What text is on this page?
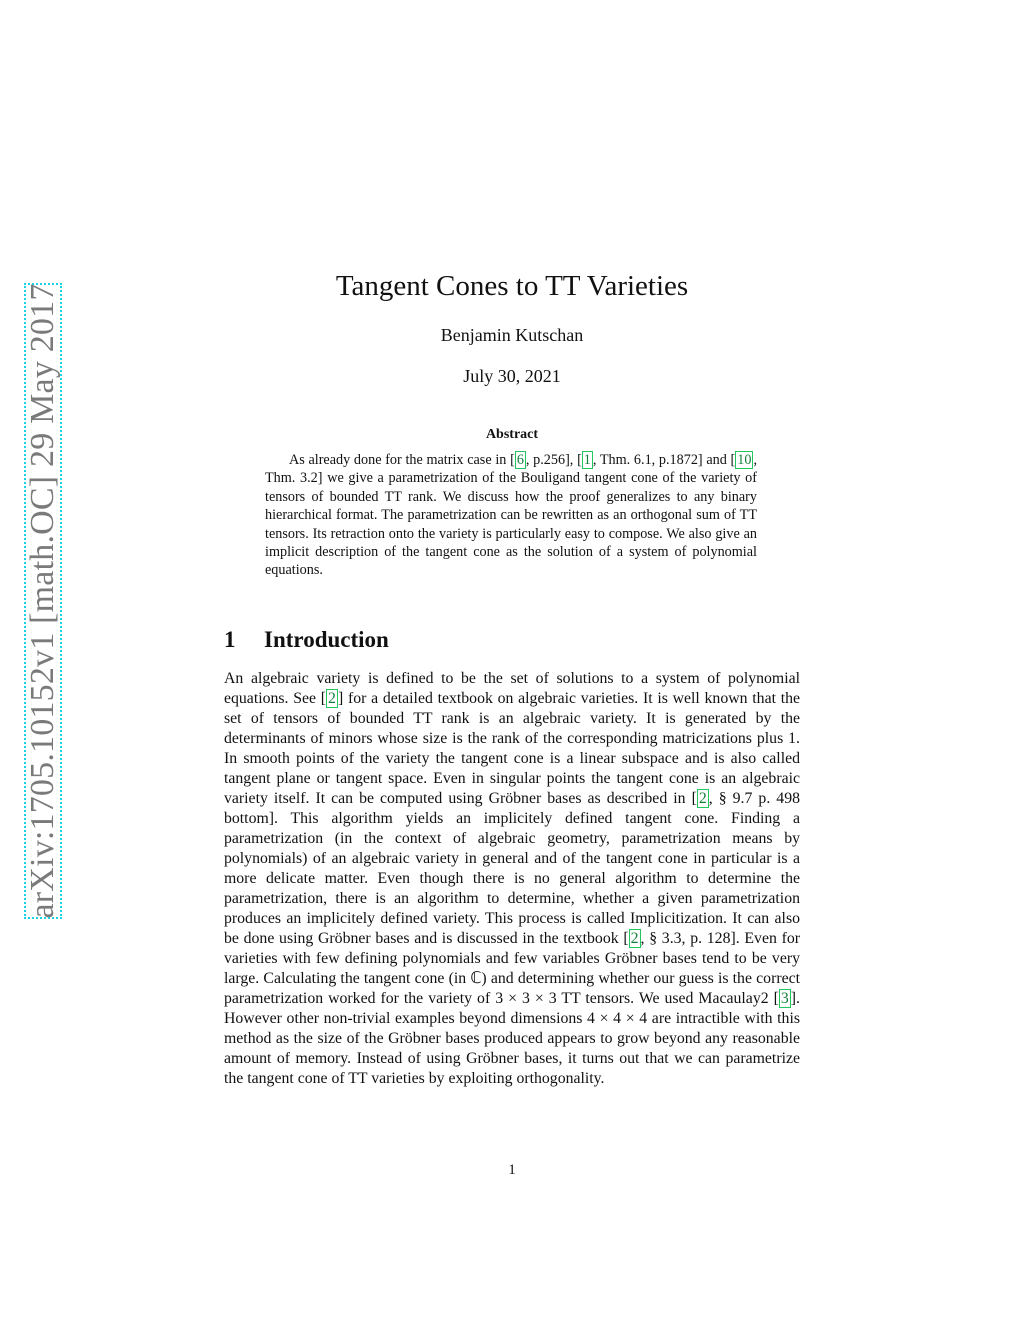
arXiv:1705.10152v1 [math.OC] 29 May 2017	Tangent Cones to TT Varieties
Benjamin Kutschan
July 30, 2021
Abstract

As already done for the matrix case in [ 6 , p.256], [ 1 , Thm. 6.1, p.1872] and [ 10 , Thm. 3.2] we give a parametrization of the Bouligand tangent cone of the variety of tensors of bounded TT rank. We discuss how the proof generalizes to any binary hierarchical format. The parametrization can be rewritten as an orthogonal sum of TT tensors. Its retraction onto the variety is particularly easy to compose. We also give an implicit description of the tangent cone as the solution of a system of polynomial equations.

1 Introduction

An algebraic variety is defined to be the set of solutions to a system of polynomial equations. See [ 2 ] for a detailed textbook on algebraic varieties. It is well known that the set of tensors of bounded TT rank is an algebraic variety. It is generated by the determinants of minors whose size is the rank of the corresponding matricizations plus 1. In smooth points of the variety the tangent cone is a linear subspace and is also called tangent plane or tangent space. Even in singular points the tangent cone is an algebraic variety itself. It can be computed using Gröbner bases as described in [ 2 , § 9.7 p. 498 bottom]. This algorithm yields an implicitely defined tangent cone. Finding a parametrization (in the context of algebraic geometry, parametrization means by polynomials) of an algebraic variety in general and of the tangent cone in particular is a more delicate matter. Even though there is no general algorithm to determine the parametrization, there is an algorithm to determine, whether a given parametrization produces an implicitely defined variety. This process is called Implicitization. It can also be done using Gröbner bases and is discussed in the textbook [ 2 , § 3.3, p. 128]. Even for varieties with few defining polynomials and few variables Gröbner bases tend to be very large. Calculating the tangent cone (in ℂ) and determining whether our guess is the correct parametrization worked for the variety of 3 × 3 × 3 TT tensors. We used Macaulay2 [ 3 ]. However other non-trivial examples beyond dimensions 4 × 4 × 4 are intractible with this method as the size of the Gröbner bases produced appears to grow beyond any reasonable amount of memory. Instead of using Gröbner bases, it turns out that we can parametrize the tangent cone of TT varieties by exploiting orthogonality.

1
